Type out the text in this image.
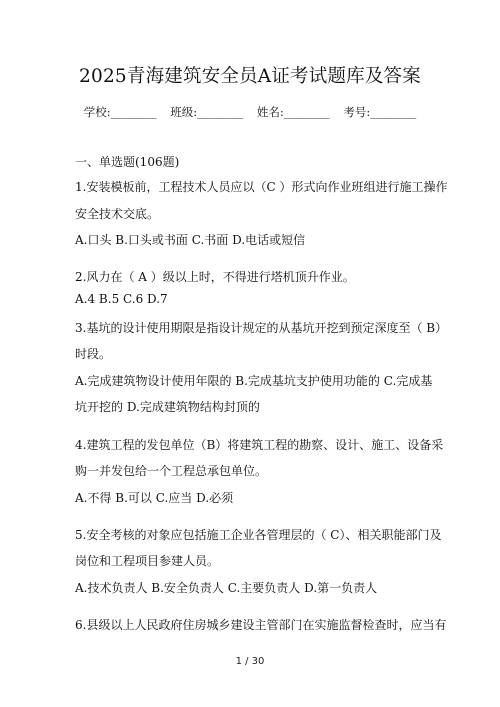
2025青海建筑安全员A证考试题库及答案
学校:________ 班级:________ 姓名:________ 考号:________
一、单选题(106题)
1.安装模板前，工程技术人员应以（C ）形式向作业班组进行施工操作
安全技术交底。
A.口头 B.口头或书面 C.书面 D.电话或短信
2.风力在（ A ）级以上时，不得进行塔机顶升作业。
A.4 B.5 C.6 D.7
3.基坑的设计使用期限是指设计规定的从基坑开挖到预定深度至（ B）
时段。
A.完成建筑物设计使用年限的 B.完成基坑支护使用功能的 C.完成基
坑开挖的 D.完成建筑物结构封顶的
4.建筑工程的发包单位（B）将建筑工程的勘察、设计、施工、设备采
购一并发包给一个工程总承包单位。
A.不得 B.可以 C.应当 D.必须
5.安全考核的对象应包括施工企业各管理层的（ C）、相关职能部门及
岗位和工程项目参建人员。
A.技术负责人 B.安全负责人 C.主要负责人 D.第一负责人
6.县级以上人民政府住房城乡建设主管部门在实施监督检查时，应当有
1 / 30
